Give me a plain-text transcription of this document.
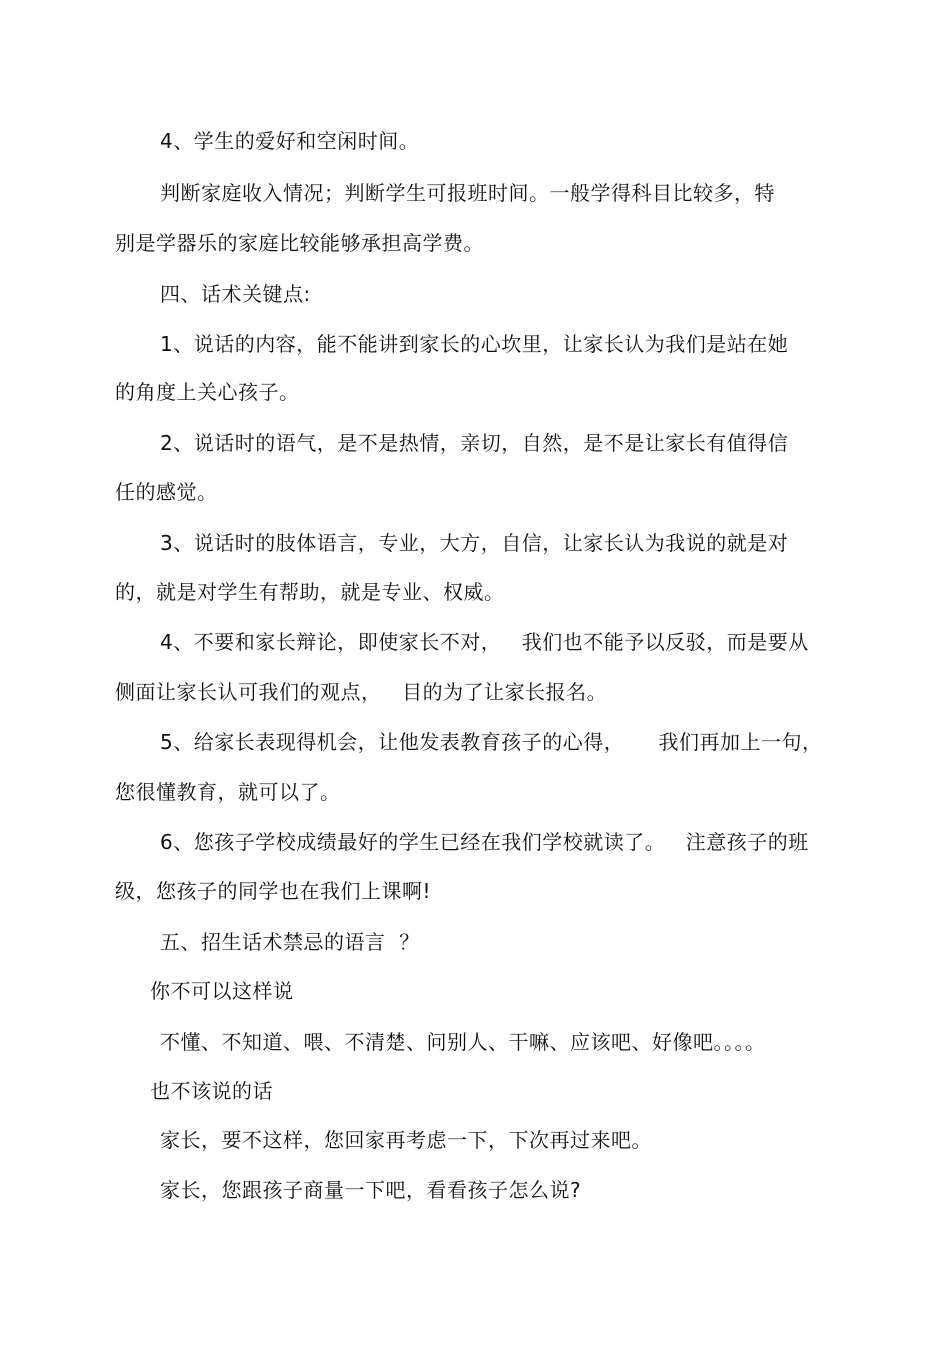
4、学生的爱好和空闲时间。
判断家庭收入情况；判断学生可报班时间。一般学得科目比较多，特
别是学器乐的家庭比较能够承担高学费。
四、话术关键点:
1、说话的内容，能不能讲到家长的心坎里，让家长认为我们是站在她
的角度上关心孩子。
2、说话时的语气，是不是热情，亲切，自然，是不是让家长有值得信
任的感觉。
3、说话时的肢体语言，专业，大方，自信，让家长认为我说的就是对
的，就是对学生有帮助，就是专业、权威。
4、不要和家长辩论，即使家长不对，   我们也不能予以反驳，而是要从
侧面让家长认可我们的观点，   目的为了让家长报名。
5、给家长表现得机会，让他发表教育孩子的心得，     我们再加上一句，
您很懂教育，就可以了。
6、您孩子学校成绩最好的学生已经在我们学校就读了。   注意孩子的班
级，您孩子的同学也在我们上课啊!
五、招生话术禁忌的语言  ？
你不可以这样说
不懂、不知道、喂、不清楚、问别人、干嘛、应该吧、好像吧。。。。
也不该说的话
家长，要不这样，您回家再考虑一下，下次再过来吧。
家长，您跟孩子商量一下吧，看看孩子怎么说?
